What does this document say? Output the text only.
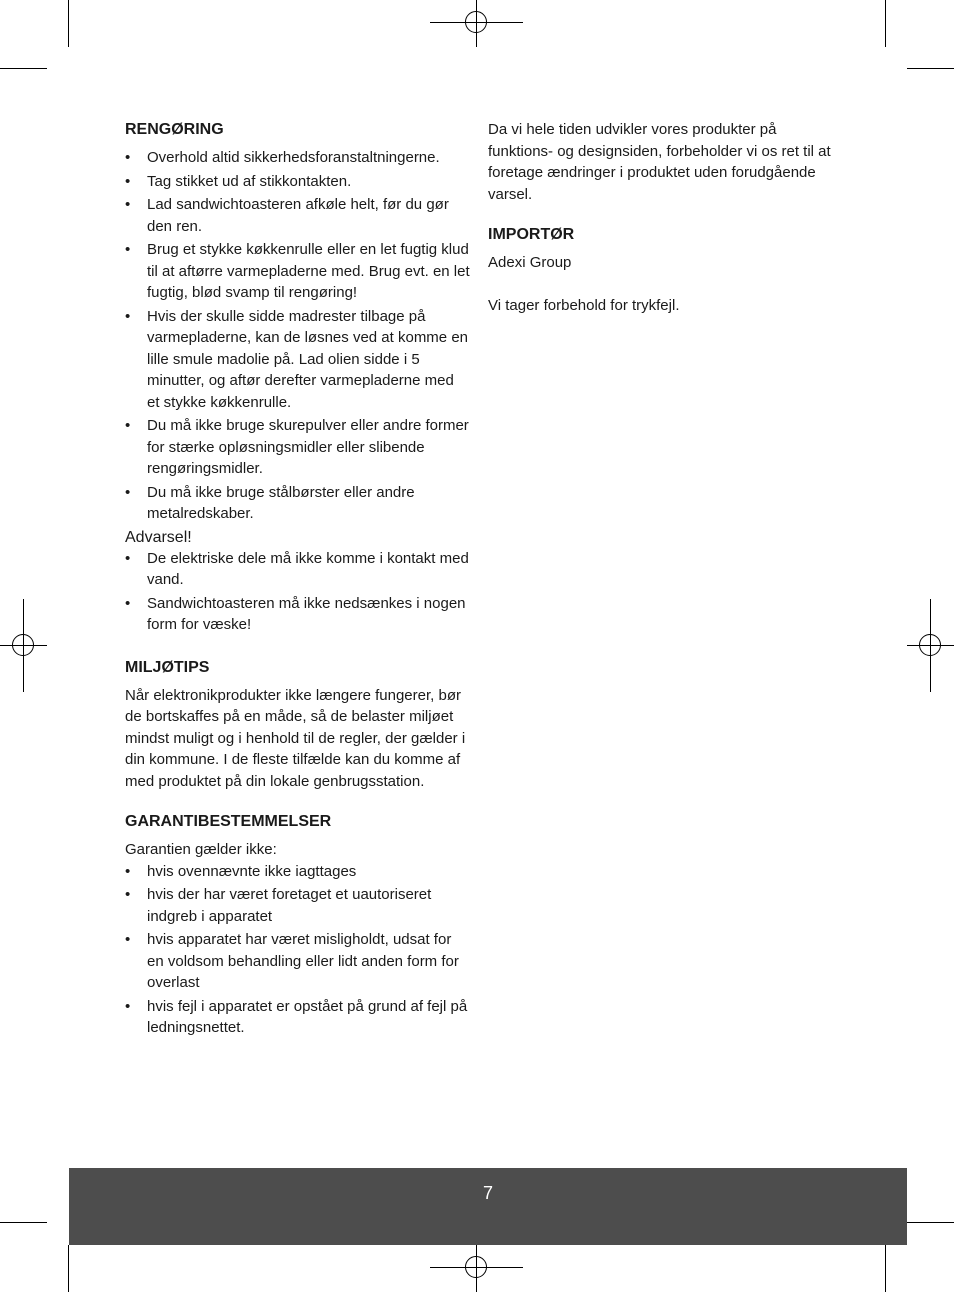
RENGØRING
• Overhold altid sikkerhedsforanstaltningerne.
• Tag stikket ud af stikkontakten.
• Lad sandwichtoasteren afkøle helt, før du gør den ren.
• Brug et stykke køkkenrulle eller en let fugtig klud til at aftørre varmepladerne med. Brug evt. en let fugtig, blød svamp til rengøring!
• Hvis der skulle sidde madrester tilbage på varmepladerne, kan de løsnes ved at komme en lille smule madolie på. Lad olien sidde i 5 minutter, og aftør derefter varmepladerne med et stykke køkkenrulle.
• Du må ikke bruge skurepulver eller andre former for stærke opløsningsmidler eller slibende rengøringsmidler.
• Du må ikke bruge stålbørster eller andre metalredskaber.
Advarsel!
• De elektriske dele må ikke komme i kontakt med vand.
• Sandwichtoasteren må ikke nedsænkes i nogen form for væske!
MILJØTIPS

Når elektronikprodukter ikke længere fungerer, bør de bortskaffes på en måde, så de belaster miljøet mindst muligt og i henhold til de regler, der gælder i din kommune. I de fleste tilfælde kan du komme af med produktet på din lokale genbrugsstation.

GARANTIBESTEMMELSER

Garantien gælder ikke:

• hvis ovennævnte ikke iagttages
• hvis der har været foretaget et uautoriseret indgreb i apparatet
• hvis apparatet har været misligholdt, udsat for en voldsom behandling eller lidt anden form for overlast
• hvis fejl i apparatet er opstået på grund af fejl på ledningsnettet.

Da vi hele tiden udvikler vores produkter på funktions- og designsiden, forbeholder vi os ret til at foretage ændringer i produktet uden forudgående varsel.

IMPORTØR

Adexi Group

Vi tager forbehold for trykfejl.

7
